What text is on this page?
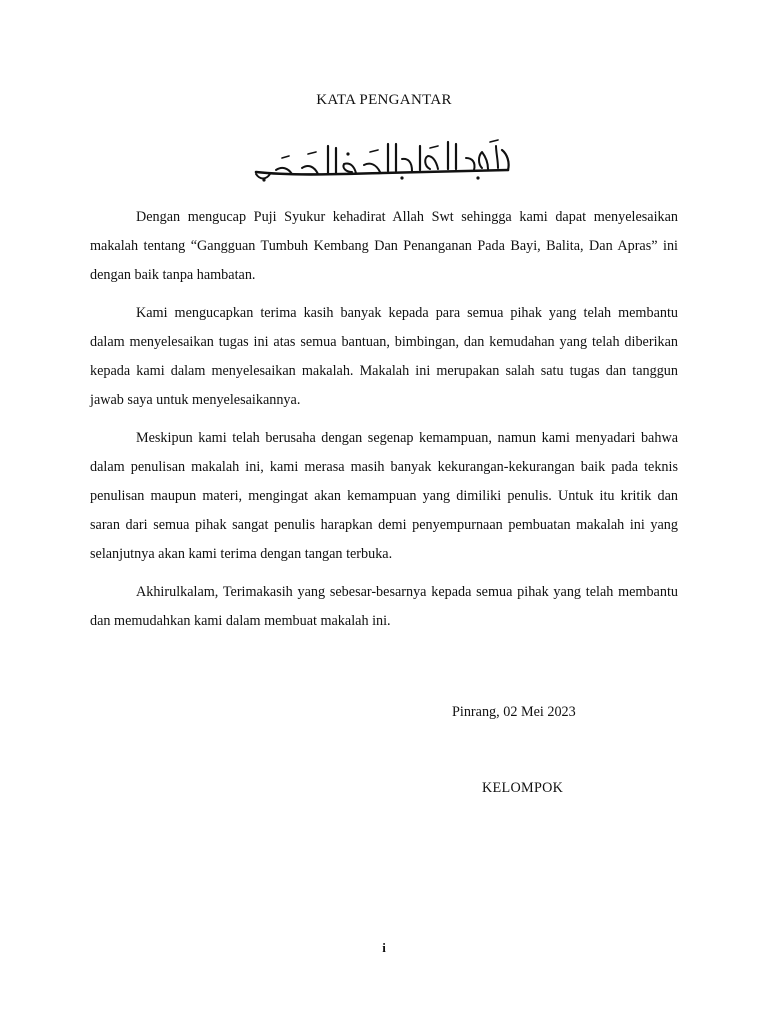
KATA PENGANTAR

Dengan mengucap Puji Syukur kehadirat Allah Swt sehingga kami dapat menyelesaikan makalah tentang “Gangguan Tumbuh Kembang Dan Penanganan Pada Bayi, Balita, Dan Apras” ini dengan baik tanpa hambatan.

Kami mengucapkan terima kasih banyak kepada para semua pihak yang telah membantu dalam menyelesaikan tugas ini atas semua bantuan, bimbingan, dan kemudahan yang telah diberikan kepada kami dalam menyelesaikan makalah. Makalah ini merupakan salah satu tugas dan tanggun jawab saya untuk menyelesaikannya.

Meskipun kami telah berusaha dengan segenap kemampuan, namun kami menyadari bahwa dalam penulisan makalah ini, kami merasa masih banyak kekurangan-kekurangan baik pada teknis penulisan maupun materi, mengingat akan kemampuan yang dimiliki penulis. Untuk itu kritik dan saran dari semua pihak sangat penulis harapkan demi penyempurnaan pembuatan makalah ini yang selanjutnya akan kami terima dengan tangan terbuka.

Akhirulkalam, Terimakasih yang sebesar-besarnya kepada semua pihak yang telah membantu dan memudahkan kami dalam membuat makalah ini.

Pinrang, 02 Mei 2023
KELOMPOK
i
